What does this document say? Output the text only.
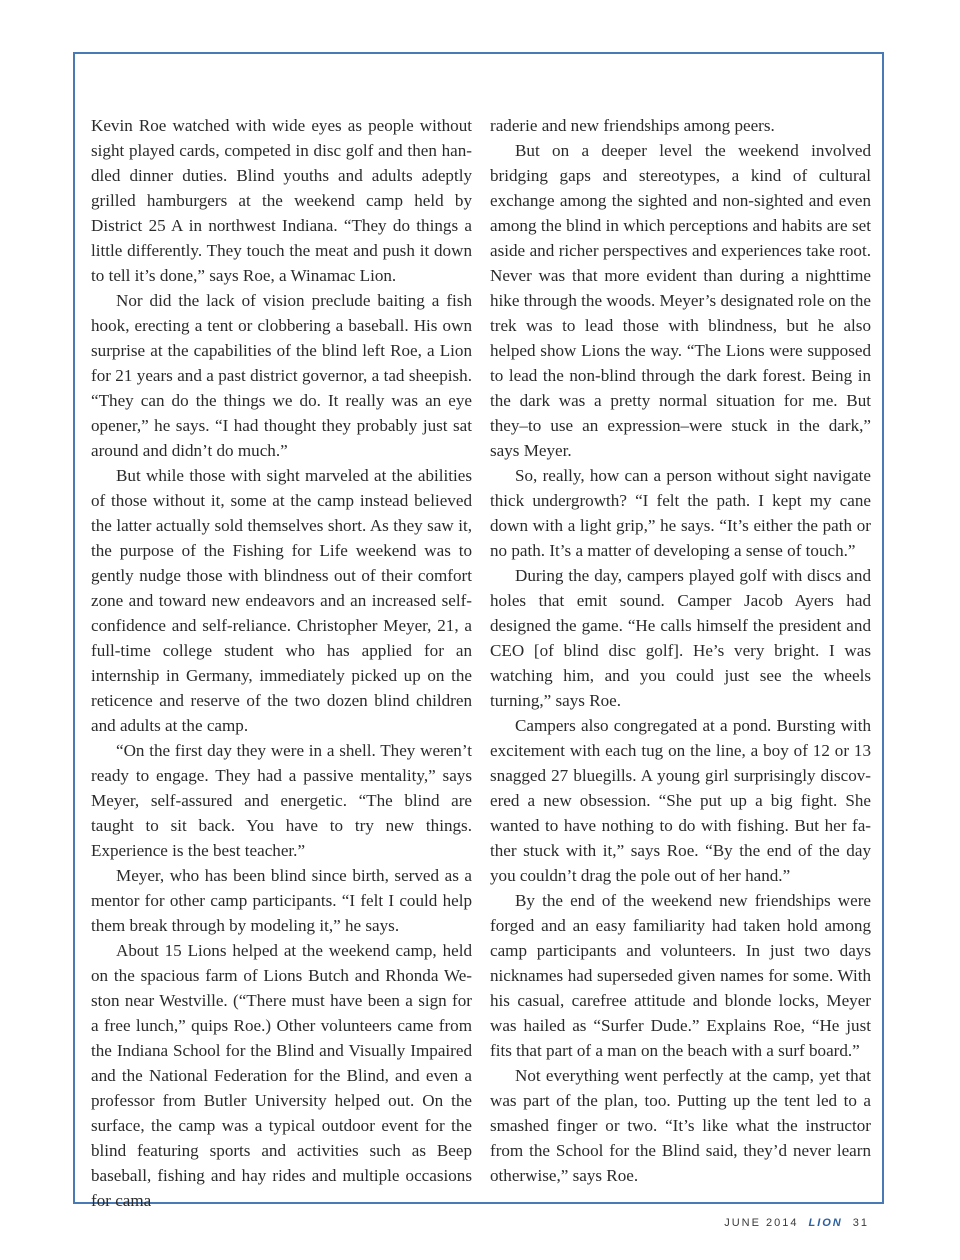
Kevin Roe watched with wide eyes as people without sight played cards, competed in disc golf and then handled dinner duties. Blind youths and adults adeptly grilled hamburgers at the weekend camp held by District 25 A in northwest Indiana. “They do things a little differently. They touch the meat and push it down to tell it’s done,” says Roe, a Winamac Lion.

Nor did the lack of vision preclude baiting a fish hook, erecting a tent or clobbering a baseball. His own surprise at the capabilities of the blind left Roe, a Lion for 21 years and a past district governor, a tad sheepish. “They can do the things we do. It really was an eye opener,” he says. “I had thought they probably just sat around and didn’t do much.”

But while those with sight marveled at the abilities of those without it, some at the camp instead believed the latter actually sold themselves short. As they saw it, the purpose of the Fishing for Life weekend was to gently nudge those with blindness out of their comfort zone and toward new endeavors and an increased self-confidence and self-reliance. Christopher Meyer, 21, a full-time college student who has applied for an internship in Germany, immediately picked up on the reticence and reserve of the two dozen blind children and adults at the camp.

“On the first day they were in a shell. They weren’t ready to engage. They had a passive mentality,” says Meyer, self-assured and energetic. “The blind are taught to sit back. You have to try new things. Experience is the best teacher.”

Meyer, who has been blind since birth, served as a mentor for other camp participants. “I felt I could help them break through by modeling it,” he says.

About 15 Lions helped at the weekend camp, held on the spacious farm of Lions Butch and Rhonda Weston near Westville. (“There must have been a sign for a free lunch,” quips Roe.) Other volunteers came from the Indiana School for the Blind and Visually Impaired and the National Federation for the Blind, and even a professor from Butler University helped out. On the surface, the camp was a typical outdoor event for the blind featuring sports and activities such as Beep baseball, fishing and hay rides and multiple occasions for cama

raderie and new friendships among peers.

But on a deeper level the weekend involved bridging gaps and stereotypes, a kind of cultural exchange among the sighted and non-sighted and even among the blind in which perceptions and habits are set aside and richer perspectives and experiences take root. Never was that more evident than during a nighttime hike through the woods. Meyer’s designated role on the trek was to lead those with blindness, but he also helped show Lions the way. “The Lions were supposed to lead the non-blind through the dark forest. Being in the dark was a pretty normal situation for me. But they–to use an expression–were stuck in the dark,” says Meyer.

So, really, how can a person without sight navigate thick undergrowth? “I felt the path. I kept my cane down with a light grip,” he says. “It’s either the path or no path. It’s a matter of developing a sense of touch.”

During the day, campers played golf with discs and holes that emit sound. Camper Jacob Ayers had designed the game. “He calls himself the president and CEO [of blind disc golf]. He’s very bright. I was watching him, and you could just see the wheels turning,” says Roe.

Campers also congregated at a pond. Bursting with excitement with each tug on the line, a boy of 12 or 13 snagged 27 bluegills. A young girl surprisingly discovered a new obsession. “She put up a big fight. She wanted to have nothing to do with fishing. But her father stuck with it,” says Roe. “By the end of the day you couldn’t drag the pole out of her hand.”

By the end of the weekend new friendships were forged and an easy familiarity had taken hold among camp participants and volunteers. In just two days nicknames had superseded given names for some. With his casual, carefree attitude and blonde locks, Meyer was hailed as “Surfer Dude.” Explains Roe, “He just fits that part of a man on the beach with a surf board.”

Not everything went perfectly at the camp, yet that was part of the plan, too. Putting up the tent led to a smashed finger or two. “It’s like what the instructor from the School for the Blind said, they’d never learn otherwise,” says Roe.

JUNE 2014 LION 31
